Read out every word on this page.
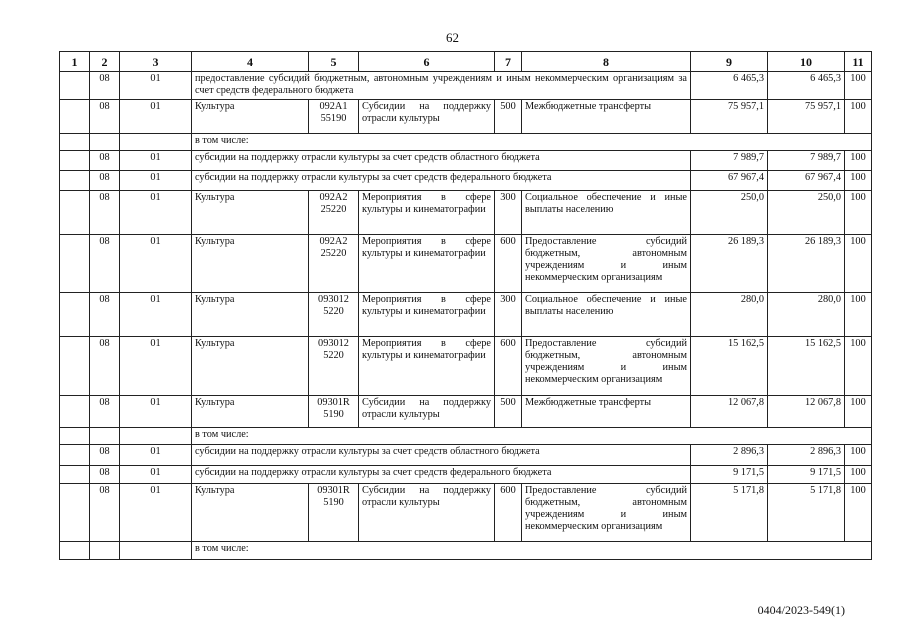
62
1	2	3	4	5	6	7	8	9	10	11
	08	01	предоставление субсидий бюджетным, автономным учреждениям и иным некоммерческим организациям за счет средств федерального бюджета					6 465,3	6 465,3	100
	08	01	Культура	092A1 55190	Субсидии на поддержку отрасли культуры	500	Межбюджетные трансферты	75 957,1	75 957,1	100
			в том числе:							
	08	01	субсидии на поддержку отрасли культуры за счет средств областного бюджета					7 989,7	7 989,7	100
	08	01	субсидии на поддержку отрасли культуры за счет средств федерального бюджета					67 967,4	67 967,4	100
	08	01	Культура	092A2 25220	Мероприятия в сфере культуры и кинематографии	300	Социальное обеспечение и иные выплаты населению	250,0	250,0	100
	08	01	Культура	092A2 25220	Мероприятия в сфере культуры и кинематографии	600	Предоставление субсидий бюджетным, автономным учреждениям и иным некоммерческим организациям	26 189,3	26 189,3	100
	08	01	Культура	093012 5220	Мероприятия в сфере культуры и кинематографии	300	Социальное обеспечение и иные выплаты населению	280,0	280,0	100
	08	01	Культура	093012 5220	Мероприятия в сфере культуры и кинематографии	600	Предоставление субсидий бюджетным, автономным учреждениям и иным некоммерческим организациям	15 162,5	15 162,5	100
	08	01	Культура	09301R 5190	Субсидии на поддержку отрасли культуры	500	Межбюджетные трансферты	12 067,8	12 067,8	100
			в том числе:							
	08	01	субсидии на поддержку отрасли культуры за счет средств областного бюджета					2 896,3	2 896,3	100
	08	01	субсидии на поддержку отрасли культуры за счет средств федерального бюджета					9 171,5	9 171,5	100
	08	01	Культура	09301R 5190	Субсидии на поддержку отрасли культуры	600	Предоставление субсидий бюджетным, автономным учреждениям и иным некоммерческим организациям	5 171,8	5 171,8	100
			в том числе:							
0404/2023-549(1)
